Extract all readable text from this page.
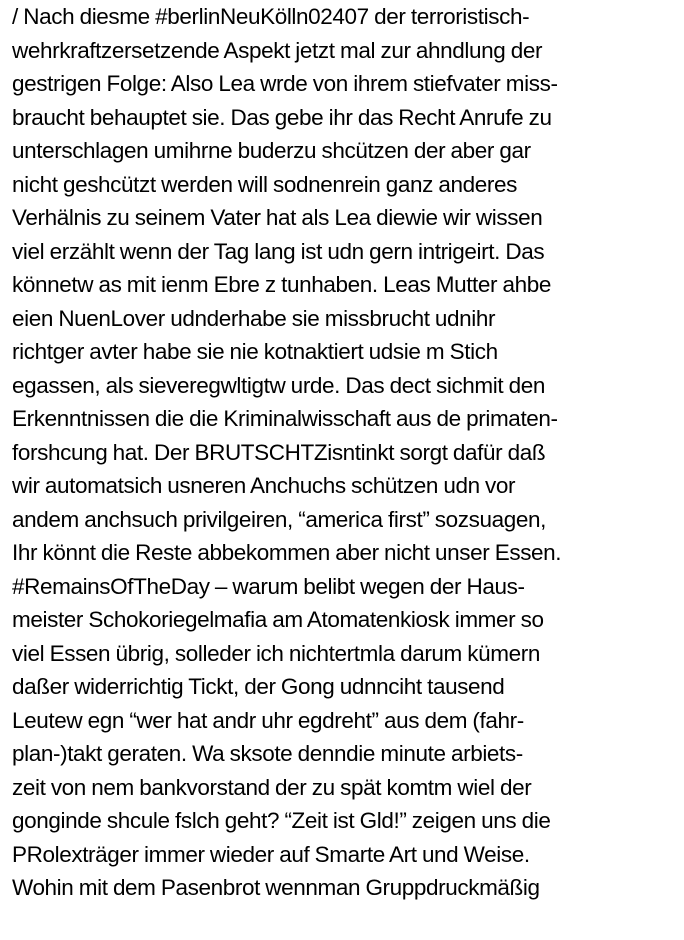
/ Nach diesme #berlinNeuKölln02407 der terroristisch-
wehrkraftzersetzende Aspekt jetzt mal zur ahndlung der
gestrigen Folge: Also Lea wrde von ihrem stiefvater miss-
braucht behauptet sie. Das gebe ihr das Recht Anrufe zu
unterschlagen umihrne buderzu shcützen der aber gar
nicht geshcützt werden will sodnenrein ganz anderes
Verhälnis zu seinem Vater hat als Lea diewie wir wissen
viel erzählt wenn der Tag lang ist udn gern intrigeirt. Das
könnetw as mit ienm Ebre z tunhaben. Leas Mutter ahbe
eien NuenLover udnderhabe sie missbrucht udnihr
richtger avter habe sie nie kotnaktiert udsie m Stich
egassen, als sieveregwltigtw urde. Das dect sichmit den
Erkenntnissen die die Kriminalwisschaft aus de primaten-
forshcung hat. Der BRUTSCHTZisntinkt sorgt dafür daß
wir automatsich usneren Anchuchs schützen udn vor
andem anchsuch privilgeiren, “america first” sozsuagen,
Ihr könnt die Reste abbekommen aber nicht unser Essen.
#RemainsOfTheDay – warum belibt wegen der Haus-
meister Schokoriegelmafia am Atomatenkiosk immer so
viel Essen übrig, solleder ich nichtertmla darum kümern
daßer widerrichtig Tickt, der Gong udnnciht tausend
Leutew egn “wer hat andr uhr egdreht” aus dem (fahr-
plan-)takt geraten. Wa sksote denndie minute arbiets-
zeit von nem bankvorstand der zu spät komtm wiel der
gonginde shcule fslch geht? “Zeit ist Gld!” zeigen uns die
PRolexträger immer wieder auf Smarte Art und Weise.
Wohin mit dem Pasenbrot wennman Gruppdruckmäßig
